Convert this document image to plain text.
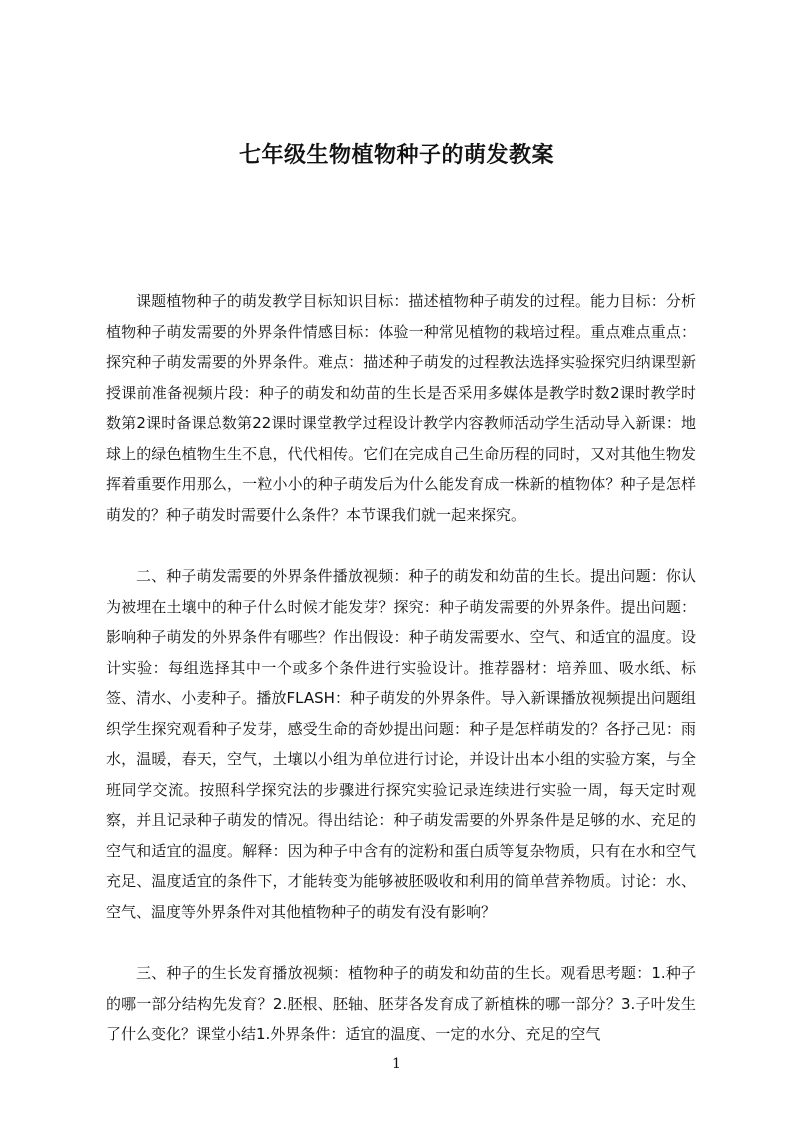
七年级生物植物种子的萌发教案

课题植物种子的萌发教学目标知识目标：描述植物种子萌发的过程。能力目标：分析植物种子萌发需要的外界条件情感目标：体验一种常见植物的栽培过程。重点难点重点：探究种子萌发需要的外界条件。难点：描述种子萌发的过程教法选择实验探究归纳课型新授课前准备视频片段：种子的萌发和幼苗的生长是否采用多媒体是教学时数2课时教学时数第2课时备课总数第22课时课堂教学过程设计教学内容教师活动学生活动导入新课：地球上的绿色植物生生不息，代代相传。它们在完成自己生命历程的同时，又对其他生物发挥着重要作用那么，一粒小小的种子萌发后为什么能发育成一株新的植物体？种子是怎样萌发的？种子萌发时需要什么条件？本节课我们就一起来探究。

二、种子萌发需要的外界条件播放视频：种子的萌发和幼苗的生长。提出问题：你认为被埋在土壤中的种子什么时候才能发芽？探究：种子萌发需要的外界条件。提出问题：影响种子萌发的外界条件有哪些？作出假设：种子萌发需要水、空气、和适宜的温度。设计实验：每组选择其中一个或多个条件进行实验设计。推荐器材：培养皿、吸水纸、标签、清水、小麦种子。播放FLASH：种子萌发的外界条件。导入新课播放视频提出问题组织学生探究观看种子发芽，感受生命的奇妙提出问题：种子是怎样萌发的？各抒己见：雨水，温暖，春天，空气，土壤以小组为单位进行讨论，并设计出本小组的实验方案，与全班同学交流。按照科学探究法的步骤进行探究实验记录连续进行实验一周，每天定时观察，并且记录种子萌发的情况。得出结论：种子萌发需要的外界条件是足够的水、充足的空气和适宜的温度。解释：因为种子中含有的淀粉和蛋白质等复杂物质，只有在水和空气充足、温度适宜的条件下，才能转变为能够被胚吸收和利用的简单营养物质。讨论：水、空气、温度等外界条件对其他植物种子的萌发有没有影响？

三、种子的生长发育播放视频：植物种子的萌发和幼苗的生长。观看思考题：1.种子的哪一部分结构先发育？2.胚根、胚轴、胚芽各发育成了新植株的哪一部分？3.子叶发生了什么变化？课堂小结1.外界条件：适宜的温度、一定的水分、充足的空气

1
